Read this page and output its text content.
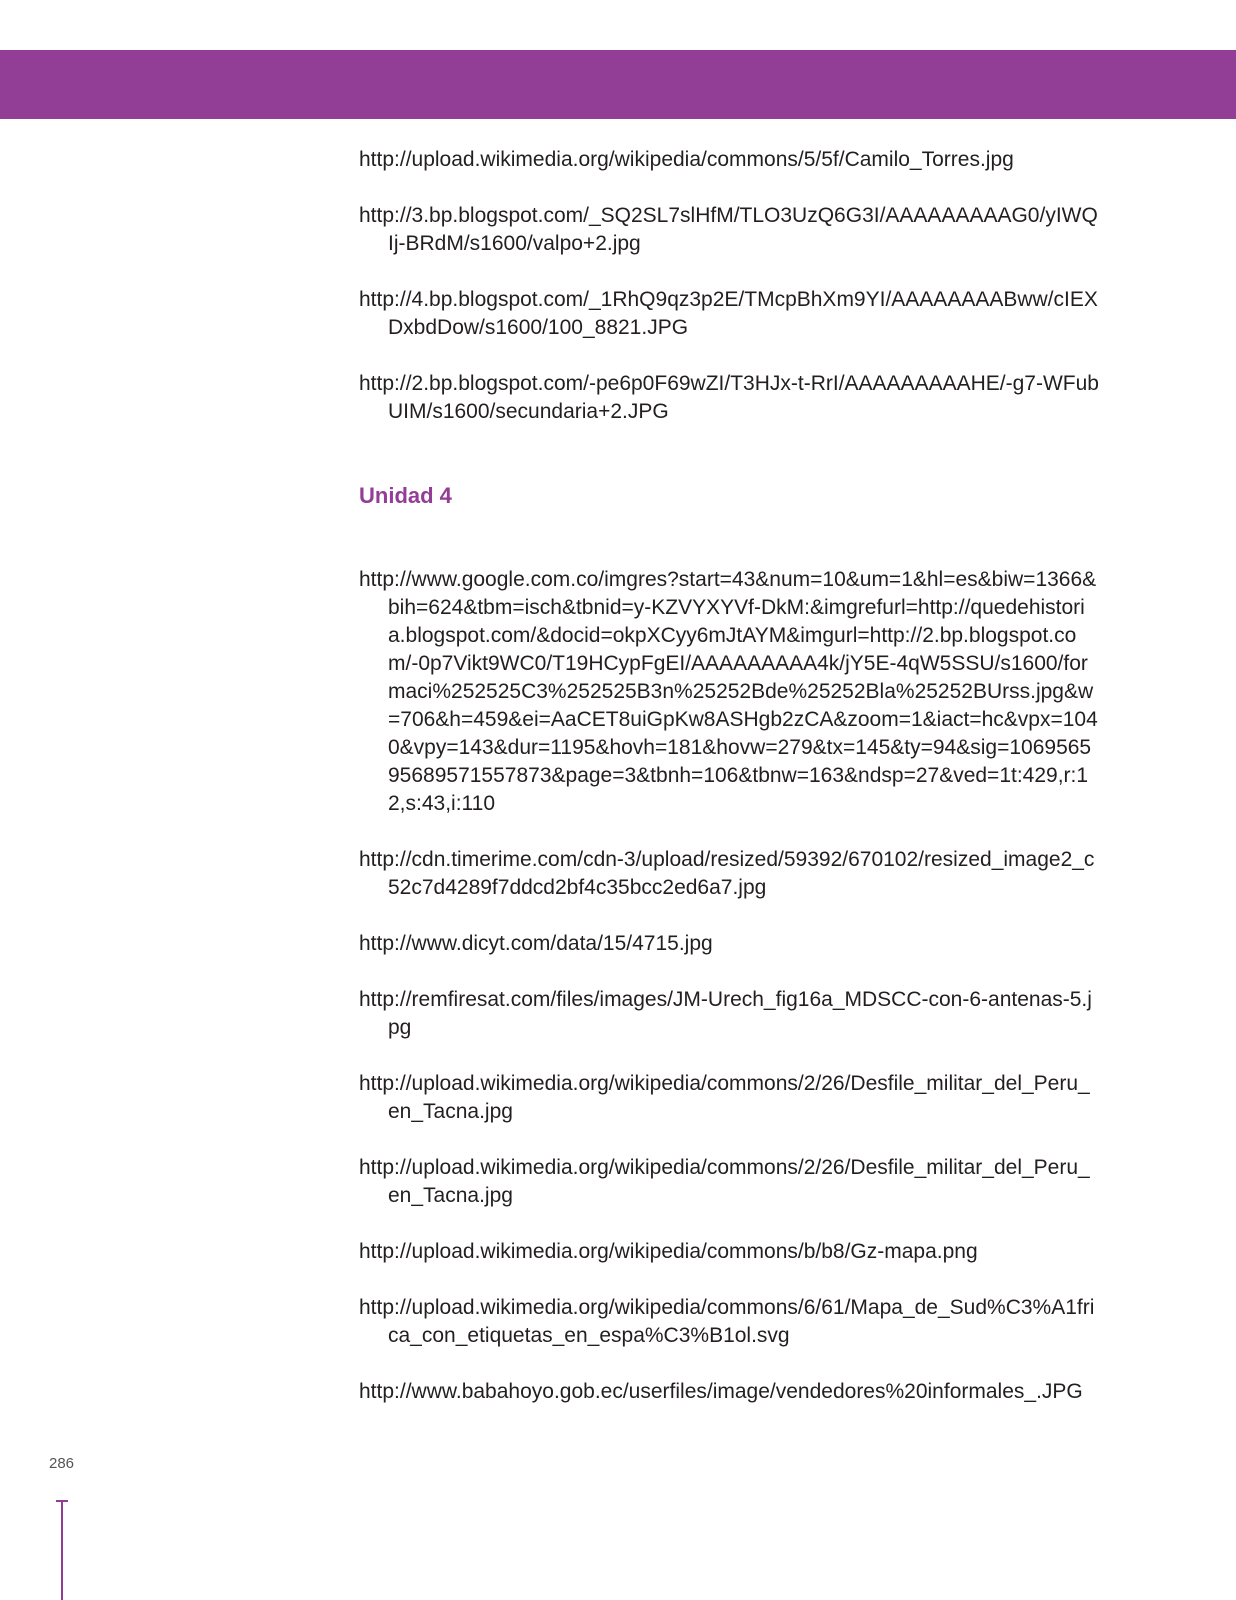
http://upload.wikimedia.org/wikipedia/commons/5/5f/Camilo_Torres.jpg

http://3.bp.blogspot.com/_SQ2SL7slHfM/TLO3UzQ6G3I/AAAAAAAAAG0/yIWQIj-BRdM/s1600/valpo+2.jpg

http://4.bp.blogspot.com/_1RhQ9qz3p2E/TMcpBhXm9YI/AAAAAAAABww/cIEXDxbdDow/s1600/100_8821.JPG

http://2.bp.blogspot.com/-pe6p0F69wZI/T3HJx-t-RrI/AAAAAAAAAHE/-g7-WFubUIM/s1600/secundaria+2.JPG

Unidad 4

http://www.google.com.co/imgres?start=43&num=10&um=1&hl=es&biw=1366&bih=624&tbm=isch&tbnid=y-KZVYXYVf-DkM:&imgrefurl=http://quedehistoria.blogspot.com/&docid=okpXCyy6mJtAYM&imgurl=http://2.bp.blogspot.com/-0p7Vikt9WC0/T19HCypFgEI/AAAAAAAAA4k/jY5E-4qW5SSU/s1600/formaci%252525C3%252525B3n%25252Bde%25252Bla%25252BUrss.jpg&w=706&h=459&ei=AaCET8uiGpKw8ASHgb2zCA&zoom=1&iact=hc&vpx=1040&vpy=143&dur=1195&hovh=181&hovw=279&tx=145&ty=94&sig=106956595689571557873&page=3&tbnh=106&tbnw=163&ndsp=27&ved=1t:429,r:12,s:43,i:110

http://cdn.timerime.com/cdn-3/upload/resized/59392/670102/resized_image2_c52c7d4289f7ddcd2bf4c35bcc2ed6a7.jpg

http://www.dicyt.com/data/15/4715.jpg

http://remfiresat.com/files/images/JM-Urech_fig16a_MDSCC-con-6-antenas-5.jpg

http://upload.wikimedia.org/wikipedia/commons/2/26/Desfile_militar_del_Peru_en_Tacna.jpg

http://upload.wikimedia.org/wikipedia/commons/2/26/Desfile_militar_del_Peru_en_Tacna.jpg

http://upload.wikimedia.org/wikipedia/commons/b/b8/Gz-mapa.png

http://upload.wikimedia.org/wikipedia/commons/6/61/Mapa_de_Sud%C3%A1frica_con_etiquetas_en_espa%C3%B1ol.svg

http://www.babahoyo.gob.ec/userfiles/image/vendedores%20informales_.JPG

286
